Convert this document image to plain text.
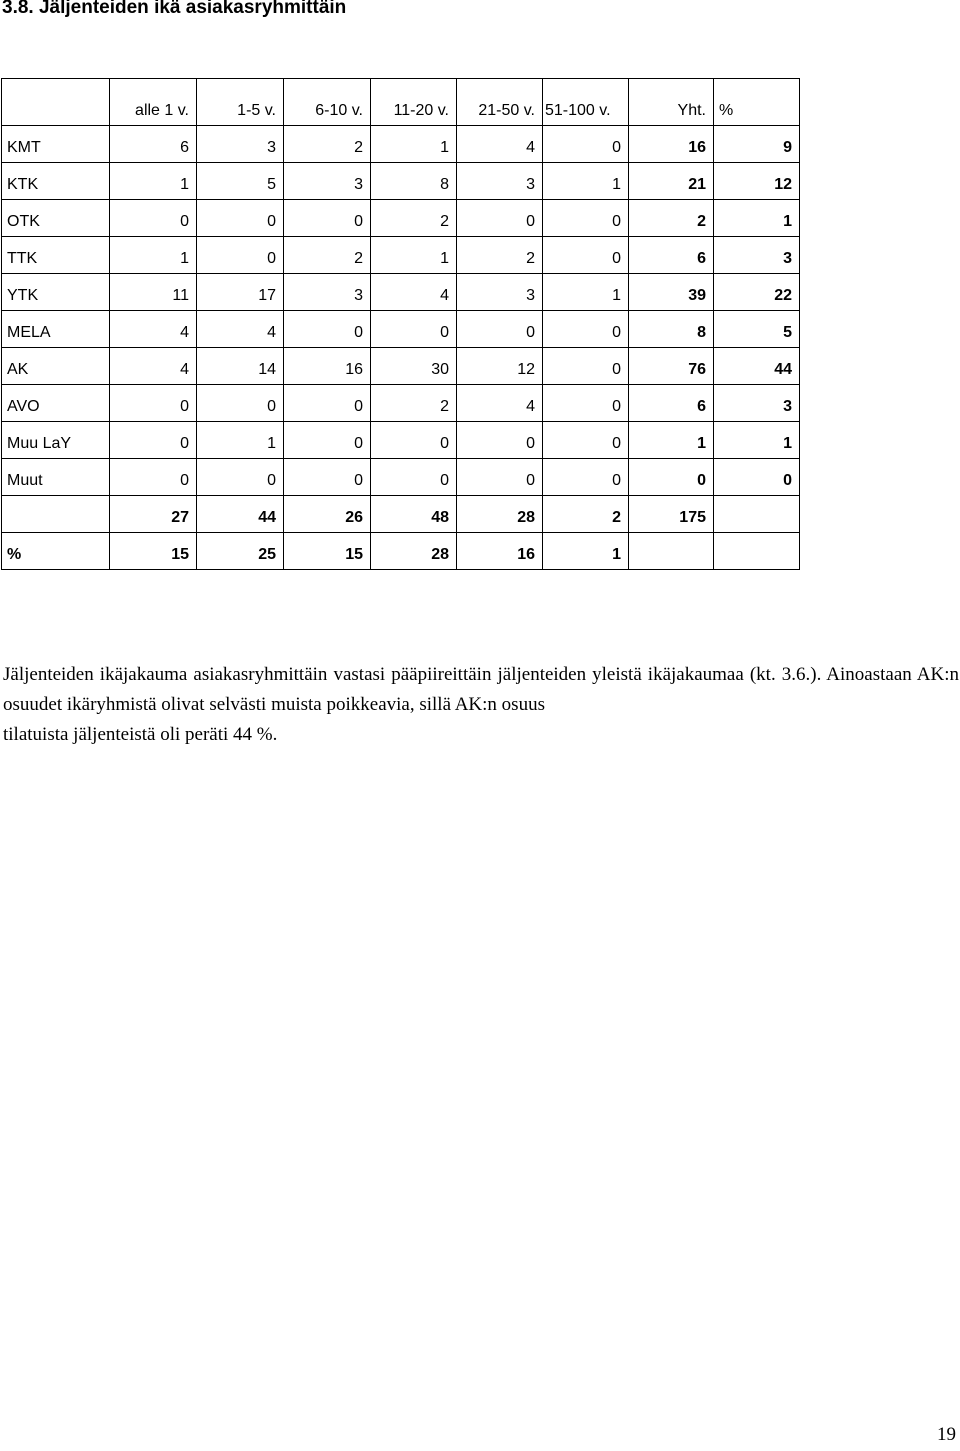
3.8. Jäljenteiden ikä asiakasryhmittäin
	alle 1 v.	1-5 v.	6-10 v.	11-20 v.	21-50 v.	51-100 v.	Yht.	%
KMT	6	3	2	1	4	0	16	9
KTK	1	5	3	8	3	1	21	12
OTK	0	0	0	2	0	0	2	1
TTK	1	0	2	1	2	0	6	3
YTK	11	17	3	4	3	1	39	22
MELA	4	4	0	0	0	0	8	5
AK	4	14	16	30	12	0	76	44
AVO	0	0	0	2	4	0	6	3
Muu LaY	0	1	0	0	0	0	1	1
Muut	0	0	0	0	0	0	0	0
	27	44	26	48	28	2	175	
%	15	25	15	28	16	1		

Jäljenteiden ikäjakauma asiakasryhmittäin vastasi pääpiireittäin jäljenteiden yleistä ikäjakaumaa (kt. 3.6.). Ainoastaan AK:n osuudet ikäryhmistä olivat selvästi muista poikkeavia, sillä AK:n osuus
tilatuista jäljenteistä oli peräti 44 %.

19
